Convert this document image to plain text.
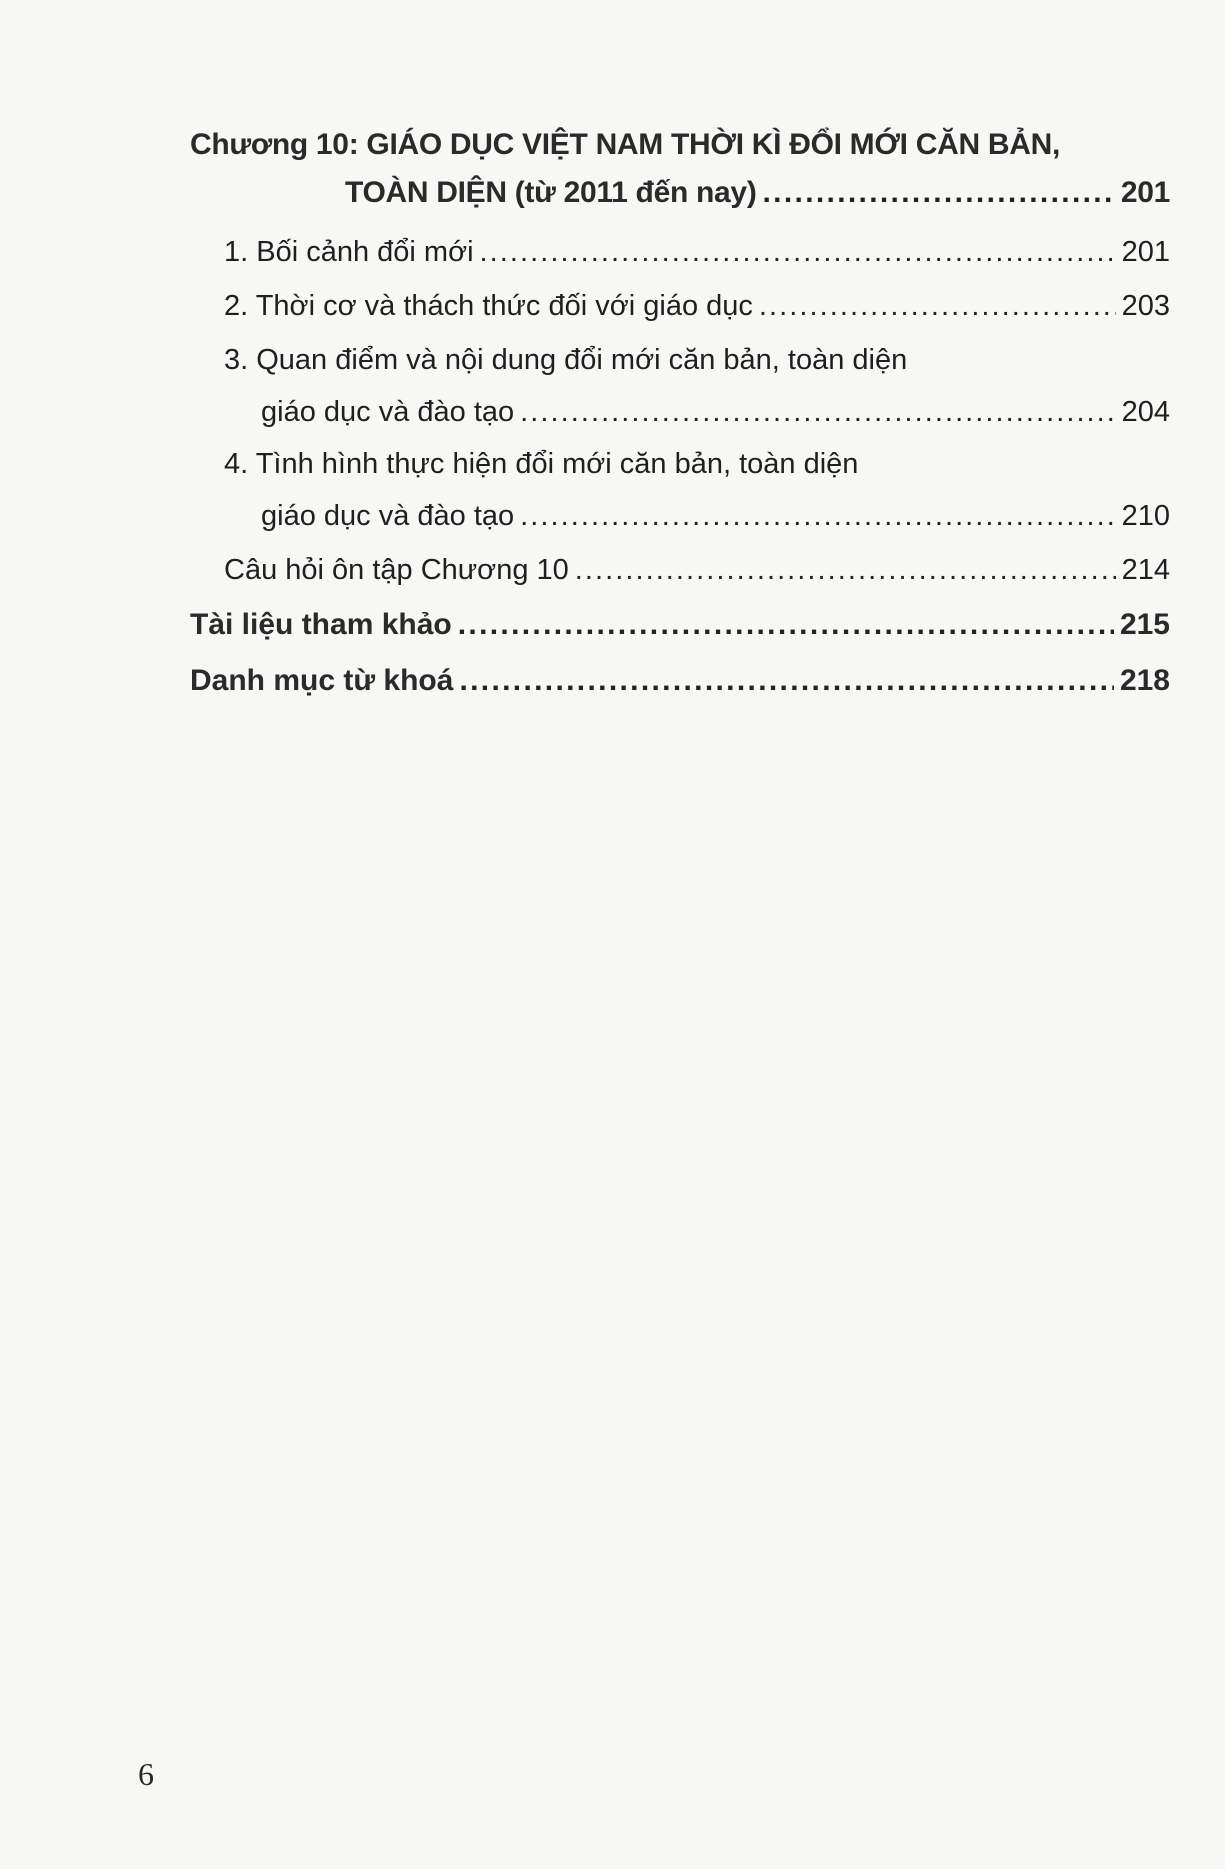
Chương 10: GIÁO DỤC VIỆT NAM THỜI KÌ ĐỔI MỚI CĂN BẢN,
TOÀN DIỆN (từ 2011 đến nay) . . .	201
1. Bối cảnh đổi mới . . .	201
2. Thời cơ và thách thức đối với giáo dục . . .	203
3. Quan điểm và nội dung đổi mới căn bản, toàn diện
giáo dục và đào tạo . . .	204
4. Tình hình thực hiện đổi mới căn bản, toàn diện
giáo dục và đào tạo . . .	210
Câu hỏi ôn tập Chương 10 . . .	214
Tài liệu tham khảo . . .	215
Danh mục từ khoá . . .	218
6
